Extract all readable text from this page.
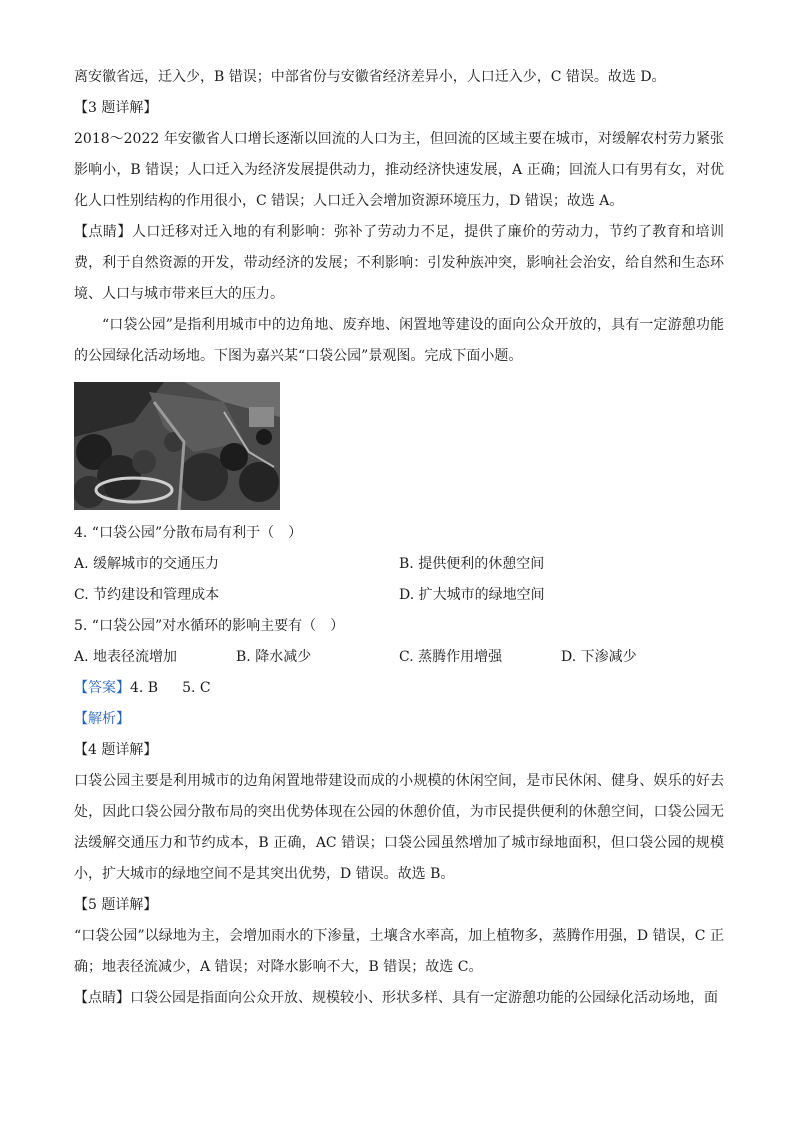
离安徽省远，迁入少，B 错误；中部省份与安徽省经济差异小，人口迁入少，C 错误。故选 D。
【3 题详解】
2018～2022 年安徽省人口增长逐渐以回流的人口为主，但回流的区域主要在城市，对缓解农村劳力紧张影响小，B 错误；人口迁入为经济发展提供动力，推动经济快速发展，A 正确；回流人口有男有女，对优化人口性别结构的作用很小，C 错误；人口迁入会增加资源环境压力，D 错误；故选 A。
【点睛】人口迁移对迁入地的有利影响：弥补了劳动力不足，提供了廉价的劳动力，节约了教育和培训费，利于自然资源的开发，带动经济的发展；不利影响：引发种族冲突，影响社会治安，给自然和生态环境、人口与城市带来巨大的压力。
“口袋公园”是指利用城市中的边角地、废弃地、闲置地等建设的面向公众开放的，具有一定游憩功能的公园绿化活动场地。下图为嘉兴某“口袋公园”景观图。完成下面小题。
4. “口袋公园”分散布局有利于（　）
A. 缓解城市的交通压力	B. 提供便利的休憩空间
C. 节约建设和管理成本	D. 扩大城市的绿地空间
5. “口袋公园”对水循环的影响主要有（　）
A. 地表径流增加	B. 降水减少	C. 蒸腾作用增强	D. 下渗减少
【答案】4. B 5. C
【解析】
【4 题详解】
口袋公园主要是利用城市的边角闲置地带建设而成的小规模的休闲空间，是市民休闲、健身、娱乐的好去处，因此口袋公园分散布局的突出优势体现在公园的休憩价值，为市民提供便利的休憩空间，口袋公园无法缓解交通压力和节约成本，B 正确，AC 错误；口袋公园虽然增加了城市绿地面积，但口袋公园的规模小，扩大城市的绿地空间不是其突出优势，D 错误。故选 B。
【5 题详解】
“口袋公园”以绿地为主，会增加雨水的下渗量，土壤含水率高，加上植物多，蒸腾作用强，D 错误，C 正确；地表径流减少，A 错误；对降水影响不大，B 错误；故选 C。
【点睛】口袋公园是指面向公众开放、规模较小、形状多样、具有一定游憩功能的公园绿化活动场地，面
